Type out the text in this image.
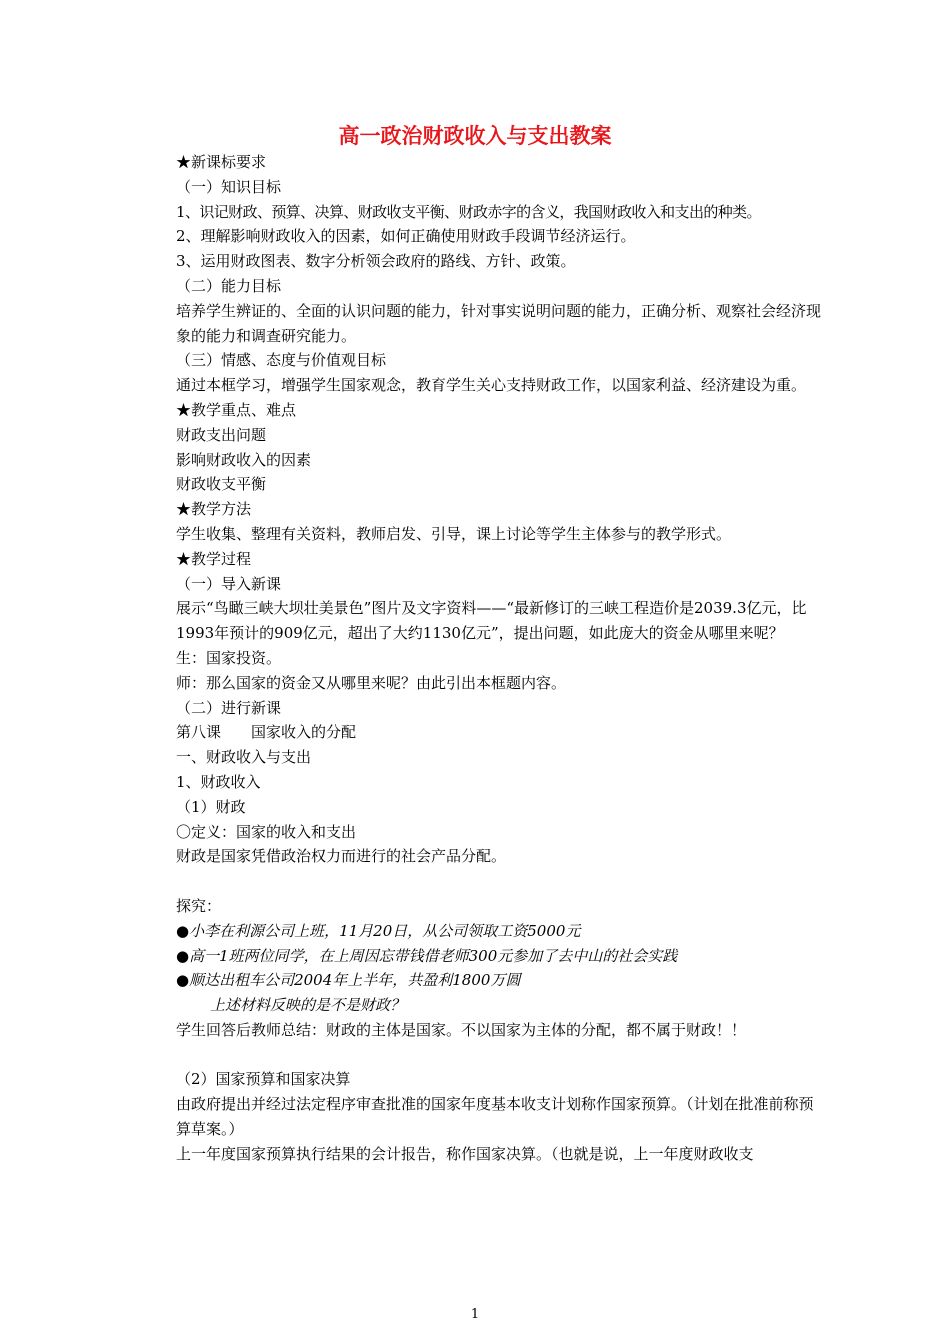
高一政治财政收入与支出教案
★新课标要求
（一）知识目标
1、识记财政、预算、决算、财政收支平衡、财政赤字的含义，我国财政收入和支出的种类。
2、理解影响财政收入的因素，如何正确使用财政手段调节经济运行。
3、运用财政图表、数字分析领会政府的路线、方针、政策。
（二）能力目标
培养学生辨证的、全面的认识问题的能力，针对事实说明问题的能力，正确分析、观察社会经济现象的能力和调查研究能力。
（三）情感、态度与价值观目标
通过本框学习，增强学生国家观念，教育学生关心支持财政工作，以国家利益、经济建设为重。
★教学重点、难点
财政支出问题
影响财政收入的因素
财政收支平衡
★教学方法
学生收集、整理有关资料，教师启发、引导，课上讨论等学生主体参与的教学形式。
★教学过程
（一）导入新课
展示“鸟瞰三峡大坝壮美景色”图片及文字资料——“最新修订的三峡工程造价是2039.3亿元，比1993年预计的909亿元，超出了大约1130亿元”，提出问题，如此庞大的资金从哪里来呢？
生：国家投资。
师：那么国家的资金又从哪里来呢？由此引出本框题内容。
（二）进行新课
第八课　　国家收入的分配
一、财政收入与支出
1、财政收入
（1）财政
〇定义：国家的收入和支出
财政是国家凭借政治权力而进行的社会产品分配。
探究：
●小李在利源公司上班，11月20日，从公司领取工资5000元
●高一1班两位同学，在上周因忘带钱借老师300元参加了去中山的社会实践
●顺达出租车公司2004年上半年，共盈利1800万圆
上述材料反映的是不是财政？
学生回答后教师总结：财政的主体是国家。不以国家为主体的分配，都不属于财政！！
（2）国家预算和国家决算
由政府提出并经过法定程序审查批准的国家年度基本收支计划称作国家预算。（计划在批准前称预算草案。）
上一年度国家预算执行结果的会计报告，称作国家决算。（也就是说，上一年度财政收支
1
